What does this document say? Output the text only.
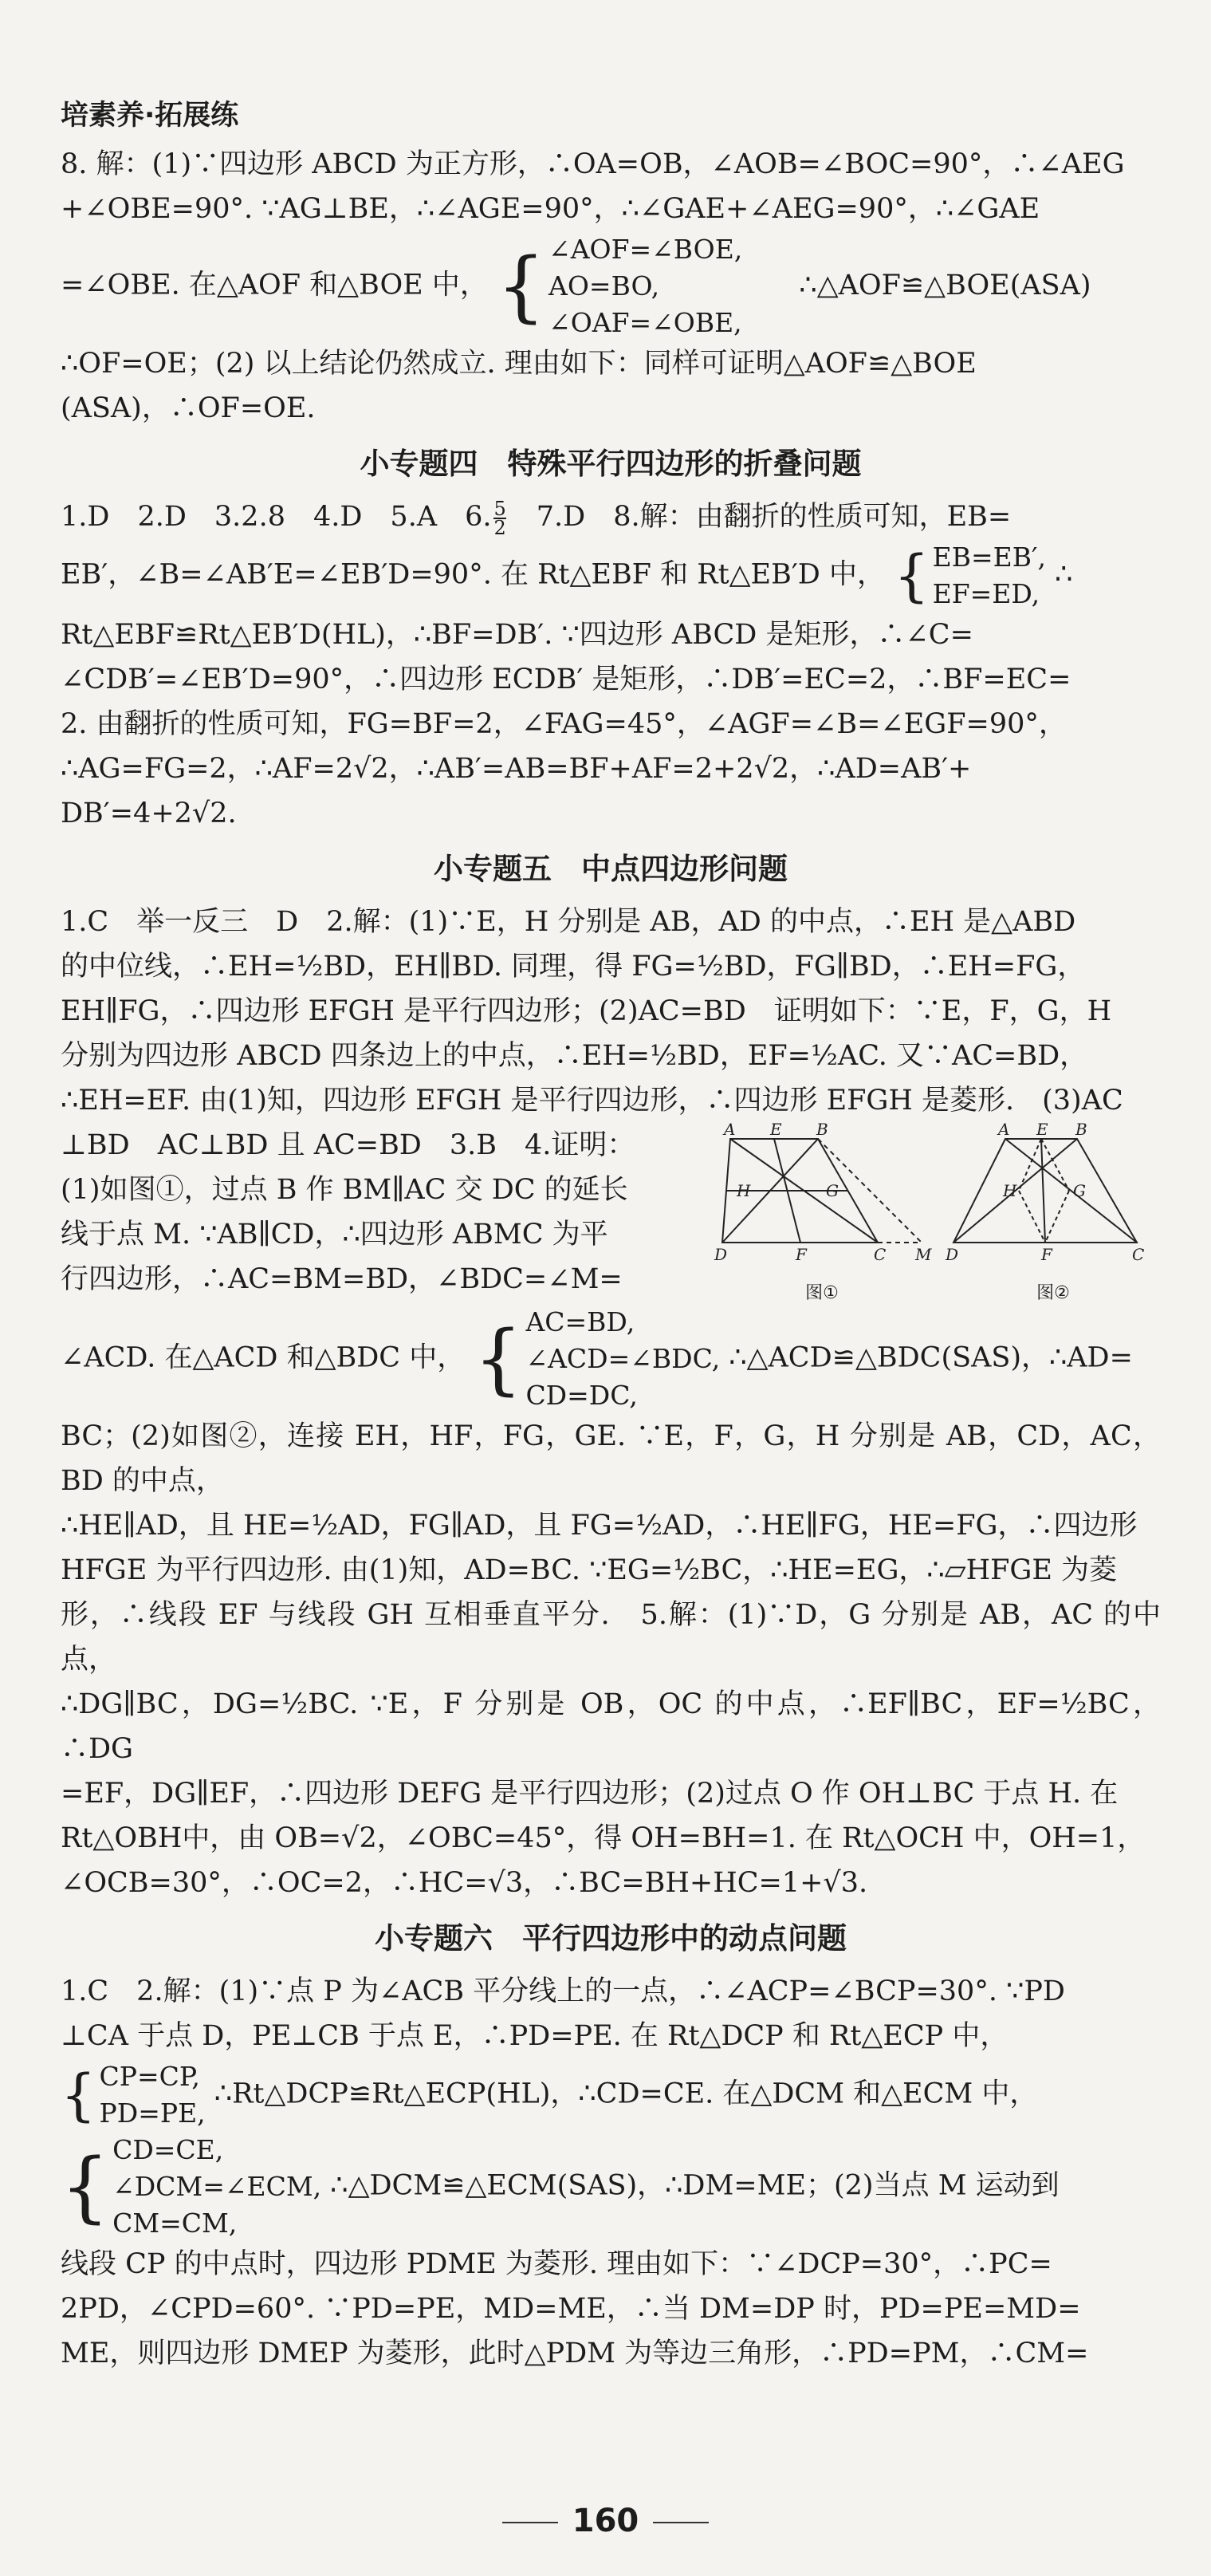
培素养·拓展练

8. 解：(1)∵四边形 ABCD 为正方形，∴OA=OB，∠AOB=∠BOC=90°，∴∠AEG

+∠OBE=90°. ∵AG⊥BE，∴∠AGE=90°，∴∠GAE+∠AEG=90°，∴∠GAE

=∠OBE. 在△AOF 和△BOE 中， { ∠AOF=∠BOE,
AO=BO,
∠OAF=∠OBE,
∴△AOF≌△BOE(ASA)

∴OF=OE；(2) 以上结论仍然成立. 理由如下：同样可证明△AOF≌△BOE

(ASA)，∴OF=OE.

小专题四　特殊平行四边形的折叠问题

1.D　2.D　3.2.8　4.D　5.A　6. $\frac{5}{2}$ 　7.D　8.解：由翻折的性质可知，EB=

EB′，∠B=∠AB′E=∠EB′D=90°. 在 Rt△EBF 和 Rt△EB′D 中， { EB=EB′,
EF=ED,
∴

Rt△EBF≌Rt△EB′D(HL)，∴BF=DB′. ∵四边形 ABCD 是矩形，∴∠C=

∠CDB′=∠EB′D=90°，∴四边形 ECDB′ 是矩形，∴DB′=EC=2，∴BF=EC=

2. 由翻折的性质可知，FG=BF=2，∠FAG=45°，∠AGF=∠B=∠EGF=90°，

∴AG=FG=2，∴AF=2√2，∴AB′=AB=BF+AF=2+2√2，∴AD=AB′+

DB′=4+2√2.

小专题五　中点四边形问题

1.C　举一反三　D　2.解：(1)∵E，H 分别是 AB，AD 的中点，∴EH 是△ABD

的中位线，∴EH=½BD，EH∥BD. 同理，得 FG=½BD，FG∥BD，∴EH=FG，

EH∥FG，∴四边形 EFGH 是平行四边形；(2)AC=BD　证明如下：∵E，F，G，H

分别为四边形 ABCD 四条边上的中点，∴EH=½BD，EF=½AC. 又∵AC=BD，

∴EH=EF. 由(1)知，四边形 EFGH 是平行四边形，∴四边形 EFGH 是菱形.　(3)AC

⊥BD　AC⊥BD 且 AC=BD　3.B　4.证明：

(1)如图①，过点 B 作 BM∥AC 交 DC 的延长

线于点 M. ∵AB∥CD，∴四边形 ABMC 为平

行四边形，∴AC=BM=BD，∠BDC=∠M=

A E B
H	G
D	F	C M
图①
A E B
H	G
D	F	C
图②

∠ACD. 在△ACD 和△BDC 中， { AC=BD,
∠ACD=∠BDC,
CD=DC,
∴△ACD≌△BDC(SAS)，∴AD=

BC；(2)如图②，连接 EH，HF，FG，GE. ∵E，F，G，H 分别是 AB，CD，AC，BD 的中点，

∴HE∥AD，且 HE=½AD，FG∥AD，且 FG=½AD，∴HE∥FG，HE=FG，∴四边形

HFGE 为平行四边形. 由(1)知，AD=BC. ∵EG=½BC，∴HE=EG，∴▱HFGE 为菱

形，∴线段 EF 与线段 GH 互相垂直平分.　5.解：(1)∵D，G 分别是 AB，AC 的中点，

∴DG∥BC，DG=½BC. ∵E，F 分别是 OB，OC 的中点，∴EF∥BC，EF=½BC，∴DG

=EF，DG∥EF，∴四边形 DEFG 是平行四边形；(2)过点 O 作 OH⊥BC 于点 H. 在

Rt△OBH中，由 OB=√2，∠OBC=45°，得 OH=BH=1. 在 Rt△OCH 中，OH=1，

∠OCB=30°，∴OC=2，∴HC=√3，∴BC=BH+HC=1+√3.

小专题六　平行四边形中的动点问题

1.C　2.解：(1)∵点 P 为∠ACB 平分线上的一点，∴∠ACP=∠BCP=30°. ∵PD

⊥CA 于点 D，PE⊥CB 于点 E，∴PD=PE. 在 Rt△DCP 和 Rt△ECP 中，

{ CP=CP,
PD=PE,
∴Rt△DCP≌Rt△ECP(HL)，∴CD=CE. 在△DCM 和△ECM 中，

{ CD=CE,
∠DCM=∠ECM,
CM=CM,
∴△DCM≌△ECM(SAS)，∴DM=ME；(2)当点 M 运动到

线段 CP 的中点时，四边形 PDME 为菱形. 理由如下：∵∠DCP=30°，∴PC=

2PD，∠CPD=60°. ∵PD=PE，MD=ME，∴当 DM=DP 时，PD=PE=MD=

ME，则四边形 DMEP 为菱形，此时△PDM 为等边三角形，∴PD=PM，∴CM=

160
